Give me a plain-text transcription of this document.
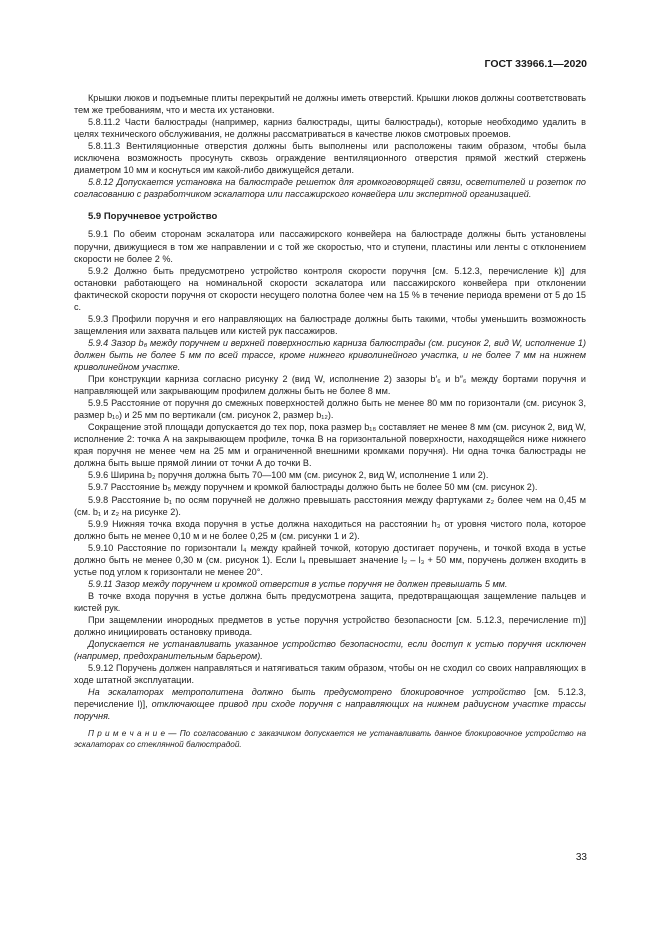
ГОСТ 33966.1—2020

Крышки люков и подъемные плиты перекрытий не должны иметь отверстий. Крышки люков должны соответствовать тем же требованиям, что и места их установки.

5.8.11.2 Части балюстрады (например, карниз балюстрады, щиты балюстрады), которые необходимо удалить в целях технического обслуживания, не должны рассматриваться в качестве люков смотровых проемов.

5.8.11.3 Вентиляционные отверстия должны быть выполнены или расположены таким образом, чтобы была исключена возможность просунуть сквозь ограждение вентиляционного отверстия прямой жесткий стержень диаметром 10 мм и коснуться им какой-либо движущейся детали.

5.8.12 Допускается установка на балюстраде решеток для громкоговорящей связи, осветителей и розеток по согласованию с разработчиком эскалатора или пассажирского конвейера или экспертной организацией.

5.9 Поручневое устройство

5.9.1 По обеим сторонам эскалатора или пассажирского конвейера на балюстраде должны быть установлены поручни, движущиеся в том же направлении и с той же скоростью, что и ступени, пластины или ленты с отклонением скорости не более 2 %.

5.9.2 Должно быть предусмотрено устройство контроля скорости поручня [см. 5.12.3, перечисление k)] для остановки работающего на номинальной скорости эскалатора или пассажирского конвейера при отклонении фактической скорости поручня от скорости несущего полотна более чем на 15 % в течение периода времени от 5 до 15 с.

5.9.3 Профили поручня и его направляющих на балюстраде должны быть такими, чтобы уменьшить возможность защемления или захвата пальцев или кистей рук пассажиров.

5.9.4 Зазор b₆ между поручнем и верхней поверхностью карниза балюстрады (см. рисунок 2, вид W, исполнение 1) должен быть не более 5 мм по всей трассе, кроме нижнего криволинейного участка, и не более 7 мм на нижнем криволинейном участке.

При конструкции карниза согласно рисунку 2 (вид W, исполнение 2) зазоры b′₆ и b″₆ между бортами поручня и направляющей или закрывающим профилем должны быть не более 8 мм.

5.9.5 Расстояние от поручня до смежных поверхностей должно быть не менее 80 мм по горизонтали (см. рисунок 3, размер b₁₀) и 25 мм по вертикали (см. рисунок 2, размер b₁₂).

Сокращение этой площади допускается до тех пор, пока размер b₁₈ составляет не менее 8 мм (см. рисунок 2, вид W, исполнение 2: точка А на закрывающем профиле, точка В на горизонтальной поверхности, находящейся ниже нижнего края поручня не менее чем на 25 мм и ограниченной внешними кромками поручня). Ни одна точка балюстрады не должна быть выше прямой линии от точки А до точки В.

5.9.6 Ширина b₂ поручня должна быть 70—100 мм (см. рисунок 2, вид W, исполнение 1 или 2).

5.9.7 Расстояние b₅ между поручнем и кромкой балюстрады должно быть не более 50 мм (см. рисунок 2).

5.9.8 Расстояние b₁ по осям поручней не должно превышать расстояния между фартуками z₂ более чем на 0,45 м (см. b₁ и z₂ на рисунке 2).

5.9.9 Нижняя точка входа поручня в устье должна находиться на расстоянии h₃ от уровня чистого пола, которое должно быть не менее 0,10 м и не более 0,25 м (см. рисунки 1 и 2).

5.9.10 Расстояние по горизонтали l₄ между крайней точкой, которую достигает поручень, и точкой входа в устье должно быть не менее 0,30 м (см. рисунок 1). Если l₄ превышает значение l₂ – l₃ + 50 мм, поручень должен входить в устье под углом к горизонтали не менее 20°.

5.9.11 Зазор между поручнем и кромкой отверстия в устье поручня не должен превышать 5 мм.

В точке входа поручня в устье должна быть предусмотрена защита, предотвращающая защемление пальцев и кистей рук.

При защемлении инородных предметов в устье поручня устройство безопасности [см. 5.12.3, перечисление m)] должно инициировать остановку привода.

Допускается не устанавливать указанное устройство безопасности, если доступ к устью поручня исключен (например, предохранительным барьером).

5.9.12 Поручень должен направляться и натягиваться таким образом, чтобы он не сходил со своих направляющих в ходе штатной эксплуатации.

На эскалаторах метрополитена должно быть предусмотрено блокировочное устройство [см. 5.12.3, перечисление l)], отключающее привод при сходе поручня с направляющих на нижнем радиусном участке трассы поручня.

П р и м е ч а н и е — По согласованию с заказчиком допускается не устанавливать данное блокировочное устройство на эскалаторах со стеклянной балюстрадой.

33
